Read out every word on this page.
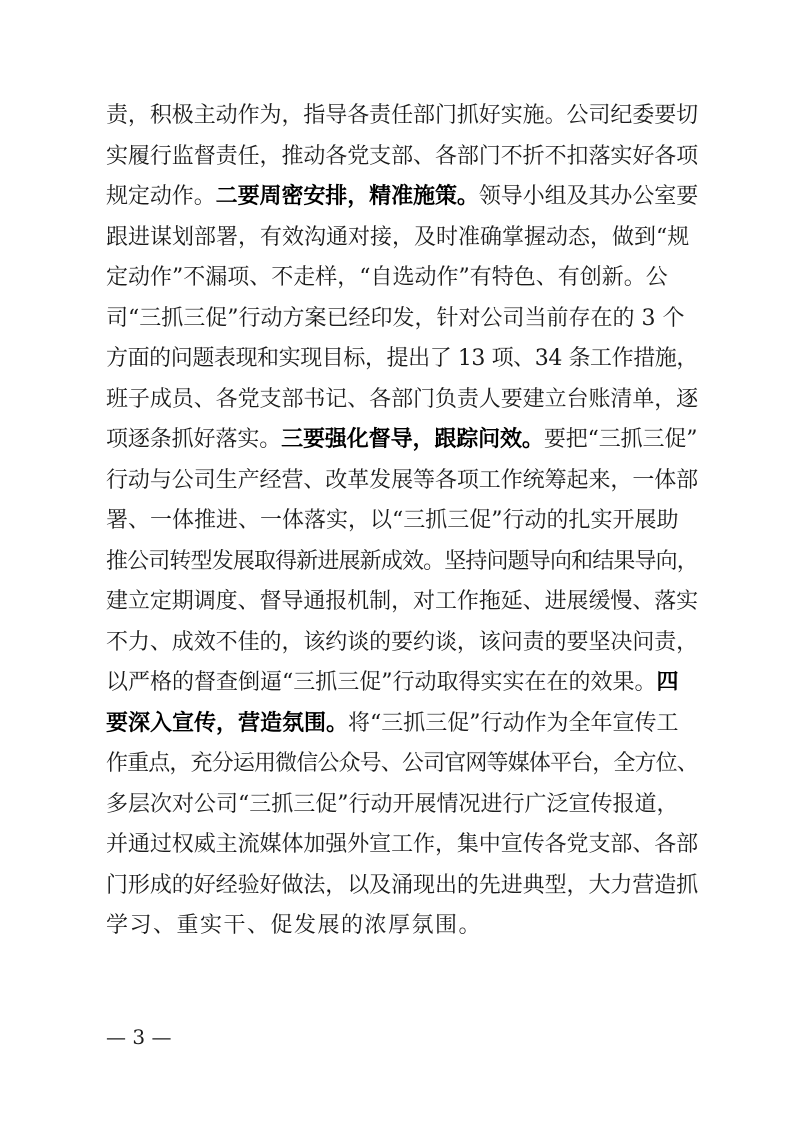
责，积极主动作为，指导各责任部门抓好实施。公司纪委要切
实履行监督责任，推动各党支部、各部门不折不扣落实好各项
规定动作。二要周密安排，精准施策。领导小组及其办公室要
跟进谋划部署，有效沟通对接，及时准确掌握动态，做到“规
定动作”不漏项、不走样，“自选动作”有特色、有创新。公
司“三抓三促”行动方案已经印发，针对公司当前存在的 3 个
方面的问题表现和实现目标，提出了 13 项、34 条工作措施，
班子成员、各党支部书记、各部门负责人要建立台账清单，逐
项逐条抓好落实。三要强化督导，跟踪问效。要把“三抓三促”
行动与公司生产经营、改革发展等各项工作统筹起来，一体部
署、一体推进、一体落实，以“三抓三促”行动的扎实开展助
推公司转型发展取得新进展新成效。坚持问题导向和结果导向，
建立定期调度、督导通报机制，对工作拖延、进展缓慢、落实
不力、成效不佳的，该约谈的要约谈，该问责的要坚决问责，
以严格的督查倒逼“三抓三促”行动取得实实在在的效果。四
要深入宣传，营造氛围。将“三抓三促”行动作为全年宣传工
作重点，充分运用微信公众号、公司官网等媒体平台，全方位、
多层次对公司“三抓三促”行动开展情况进行广泛宣传报道，
并通过权威主流媒体加强外宣工作，集中宣传各党支部、各部
门形成的好经验好做法，以及涌现出的先进典型，大力营造抓
学习、重实干、促发展的浓厚氛围。
— 3 —
